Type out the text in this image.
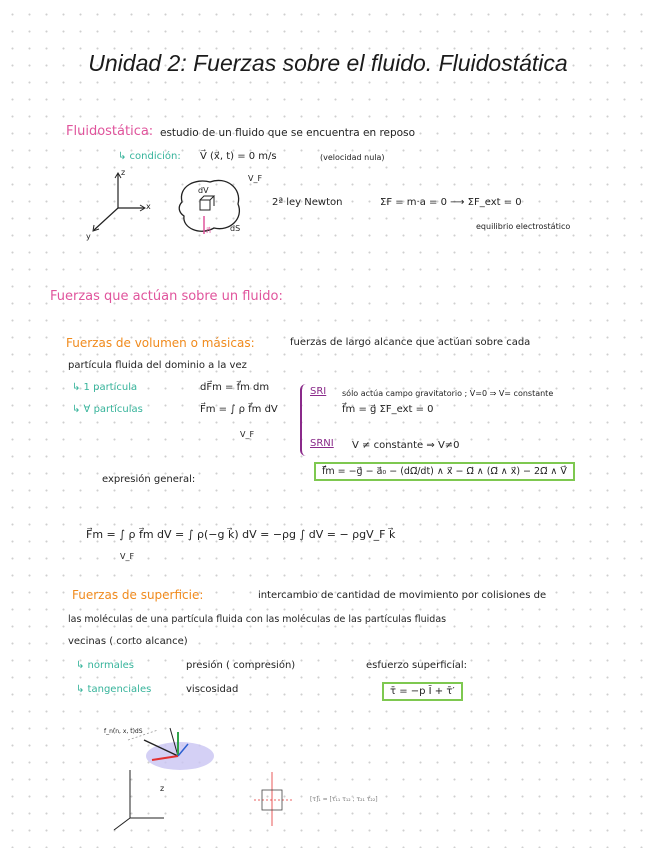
Unidad 2: Fuerzas sobre el fluido. Fluidostática
Fluidostática: estudio de un fluido que se encuentra en reposo
↳ condición: V⃗ (x⃗, t) = 0 m/s	(velocidad nula)
z
x
y
dV
V_F
dS
n⃗
2ª ley Newton	ΣF = m·a = 0 ⟶ ΣF_ext = 0
equilibrio electrostático
Fuerzas que actúan sobre un fluido:
Fuerzas de volumen o másicas:	fuerzas de largo alcance que actúan sobre cada
partícula fluida del dominio a la vez
↳ 1 partícula	dF⃗m = f⃗m dm
↳ ∀ partículas	F⃗m = ∫ ρ f⃗m dV
V_F
SRI sólo actúa campo gravitatorio ; V=0 ⇒ V= constante
f⃗m = g⃗ ΣF_ext = 0
SRNI V ≠ constante ⇒ V≠0
expresión general:
f⃗m = −g⃗ − a⃗₀ − (dΩ⃗/dt) ∧ x⃗ − Ω⃗ ∧ (Ω⃗ ∧ x⃗) − 2Ω⃗ ∧ V⃗
F⃗m = ∫ ρ f⃗m dV = ∫ ρ(−g k⃗) dV = −ρg ∫ dV = − ρgV_F k⃗
V_F
Fuerzas de superficie:	intercambio de cantidad de movimiento por colisiones de
las moléculas de una partícula fluida con las moléculas de las partículas fluidas
vecinas ( corto alcance)
↳ normales	presión ( compresión)
↳ tangenciales	viscosidad
esfuerzo superficial:
τ̄ = −p Ī + τ̄′
f_n(n, x, t)dS
z
[τ]₁ = [τ₁₁ τ₁₂ ; τ₂₁ τ₂₂]
